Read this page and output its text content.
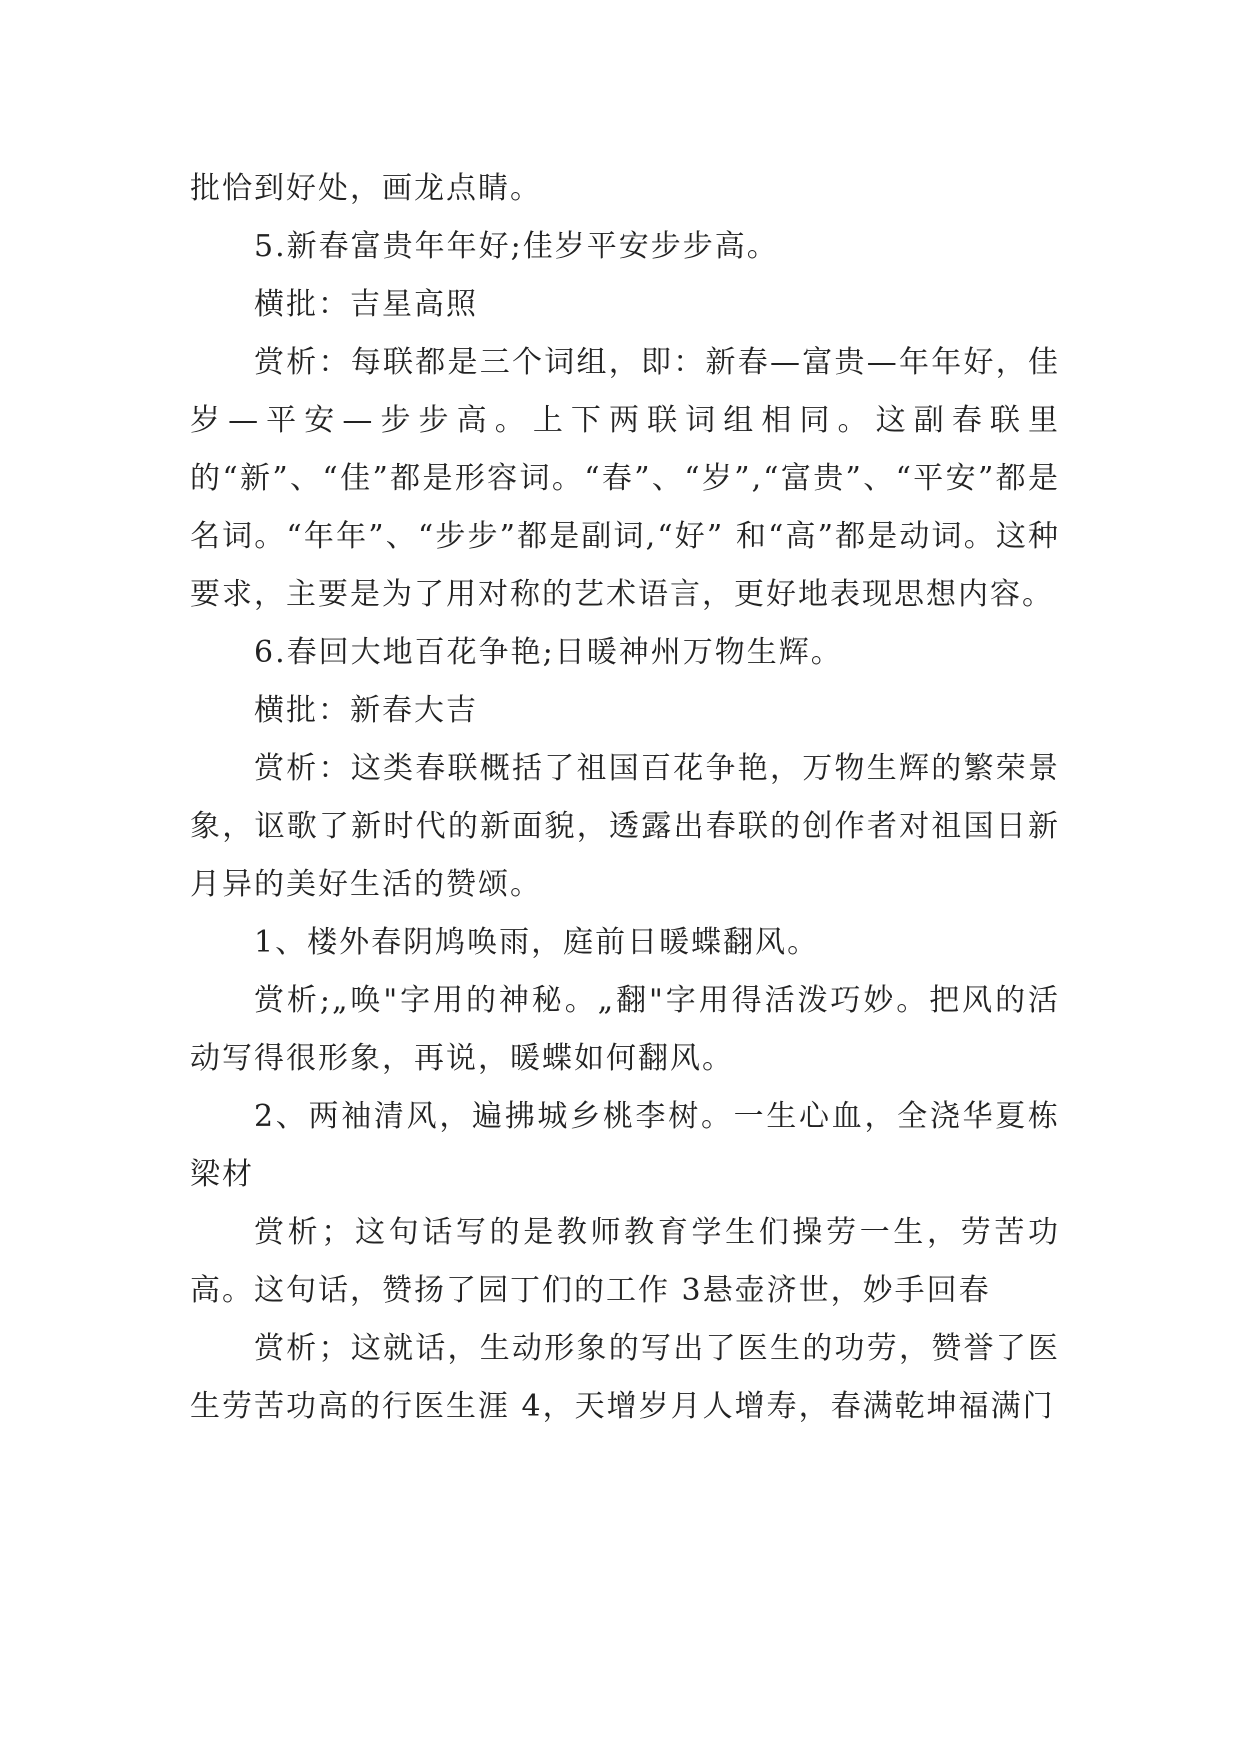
批恰到好处，画龙点睛。

5.新春富贵年年好;佳岁平安步步高。

横批：吉星高照

赏析：每联都是三个词组，即：新春—富贵—年年好，佳岁—平安—步步高。上下两联词组相同。这副春联里的“新”、“佳”都是形容词。“春”、“岁”,“富贵”、“平安”都是名词。“年年”、“步步”都是副词,“好” 和“高”都是动词。这种要求，主要是为了用对称的艺术语言，更好地表现思想内容。

6.春回大地百花争艳;日暖神州万物生辉。

横批：新春大吉

赏析：这类春联概括了祖国百花争艳，万物生辉的繁荣景象，讴歌了新时代的新面貌，透露出春联的创作者对祖国日新月异的美好生活的赞颂。

1、楼外春阴鸠唤雨，庭前日暖蝶翻风。

赏析;„唤"字用的神秘。„翻"字用得活泼巧妙。把风的活动写得很形象，再说，暖蝶如何翻风。

2、两袖清风，遍拂城乡桃李树。一生心血，全浇华夏栋梁材

赏析；这句话写的是教师教育学生们操劳一生，劳苦功高。这句话，赞扬了园丁们的工作 3悬壶济世，妙手回春

赏析；这就话，生动形象的写出了医生的功劳，赞誉了医生劳苦功高的行医生涯 4，天增岁月人增寿，春满乾坤福满门
